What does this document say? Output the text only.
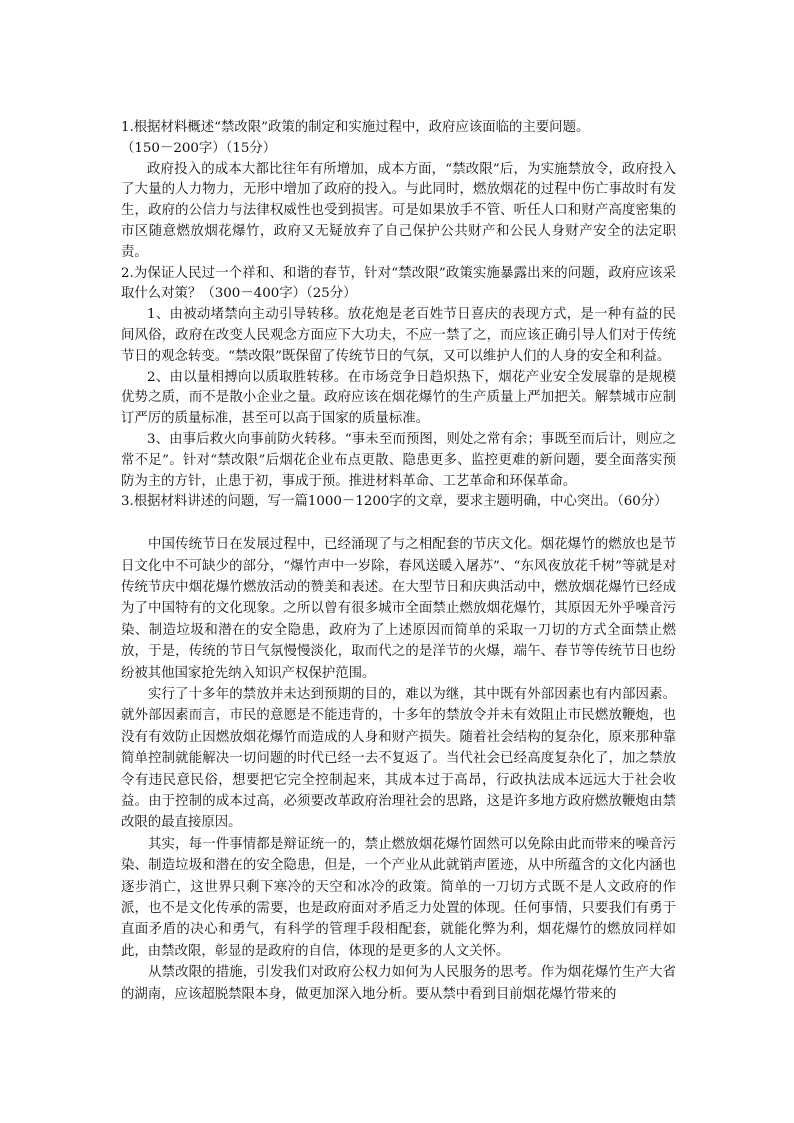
1.根据材料概述“禁改限”政策的制定和实施过程中，政府应该面临的主要问题。

（150－200字）（15分）

政府投入的成本大都比往年有所增加，成本方面，“禁改限”后，为实施禁放令，政府投入了大量的人力物力，无形中增加了政府的投入。与此同时，燃放烟花的过程中伤亡事故时有发生，政府的公信力与法律权威性也受到损害。可是如果放手不管、听任人口和财产高度密集的市区随意燃放烟花爆竹，政府又无疑放弃了自己保护公共财产和公民人身财产安全的法定职责。

2.为保证人民过一个祥和、和谐的春节，针对“禁改限”政策实施暴露出来的问题，政府应该采取什么对策？（300－400字）（25分）

1、由被动堵禁向主动引导转移。放花炮是老百姓节日喜庆的表现方式，是一种有益的民间风俗，政府在改变人民观念方面应下大功夫，不应一禁了之，而应该正确引导人们对于传统节日的观念转变。“禁改限”既保留了传统节日的气氛，又可以维护人们的人身的安全和利益。

2、由以量相搏向以质取胜转移。在市场竞争日趋炽热下，烟花产业安全发展靠的是规模优势之质，而不是散小企业之量。政府应该在烟花爆竹的生产质量上严加把关。解禁城市应制订严厉的质量标准，甚至可以高于国家的质量标准。

3、由事后救火向事前防火转移。“事未至而预图，则处之常有余；事既至而后计，则应之常不足”。针对“禁改限”后烟花企业布点更散、隐患更多、监控更难的新问题，要全面落实预防为主的方针，止患于初，事成于预。推进材料革命、工艺革命和环保革命。

3.根据材料讲述的问题，写一篇1000－1200字的文章，要求主题明确，中心突出。（60分）

中国传统节日在发展过程中，已经涌现了与之相配套的节庆文化。烟花爆竹的燃放也是节日文化中不可缺少的部分，“爆竹声中一岁除，春风送暖入屠苏”、“东风夜放花千树”等就是对传统节庆中烟花爆竹燃放活动的赞美和表述。在大型节日和庆典活动中，燃放烟花爆竹已经成为了中国特有的文化现象。之所以曾有很多城市全面禁止燃放烟花爆竹，其原因无外乎噪音污染、制造垃圾和潜在的安全隐患，政府为了上述原因而简单的采取一刀切的方式全面禁止燃放，于是，传统的节日气氛慢慢淡化，取而代之的是洋节的火爆，端午、春节等传统节日也纷纷被其他国家抢先纳入知识产权保护范围。

实行了十多年的禁放并未达到预期的目的，难以为继，其中既有外部因素也有内部因素。就外部因素而言，市民的意愿是不能违背的，十多年的禁放令并未有效阻止市民燃放鞭炮，也没有有效防止因燃放烟花爆竹而造成的人身和财产损失。随着社会结构的复杂化，原来那种靠简单控制就能解决一切问题的时代已经一去不复返了。当代社会已经高度复杂化了，加之禁放令有违民意民俗，想要把它完全控制起来，其成本过于高昂，行政执法成本远远大于社会收益。由于控制的成本过高，必须要改革政府治理社会的思路，这是许多地方政府燃放鞭炮由禁改限的最直接原因。

其实，每一件事情都是辩证统一的，禁止燃放烟花爆竹固然可以免除由此而带来的噪音污染、制造垃圾和潜在的安全隐患，但是，一个产业从此就销声匿迹，从中所蕴含的文化内涵也逐步消亡，这世界只剩下寒冷的天空和冰冷的政策。简单的一刀切方式既不是人文政府的作派，也不是文化传承的需要，也是政府面对矛盾乏力处置的体现。任何事情，只要我们有勇于直面矛盾的决心和勇气，有科学的管理手段相配套，就能化弊为利，烟花爆竹的燃放同样如此，由禁改限，彰显的是政府的自信，体现的是更多的人文关怀。

从禁改限的措施，引发我们对政府公权力如何为人民服务的思考。作为烟花爆竹生产大省的湖南，应该超脱禁限本身，做更加深入地分析。要从禁中看到目前烟花爆竹带来的
